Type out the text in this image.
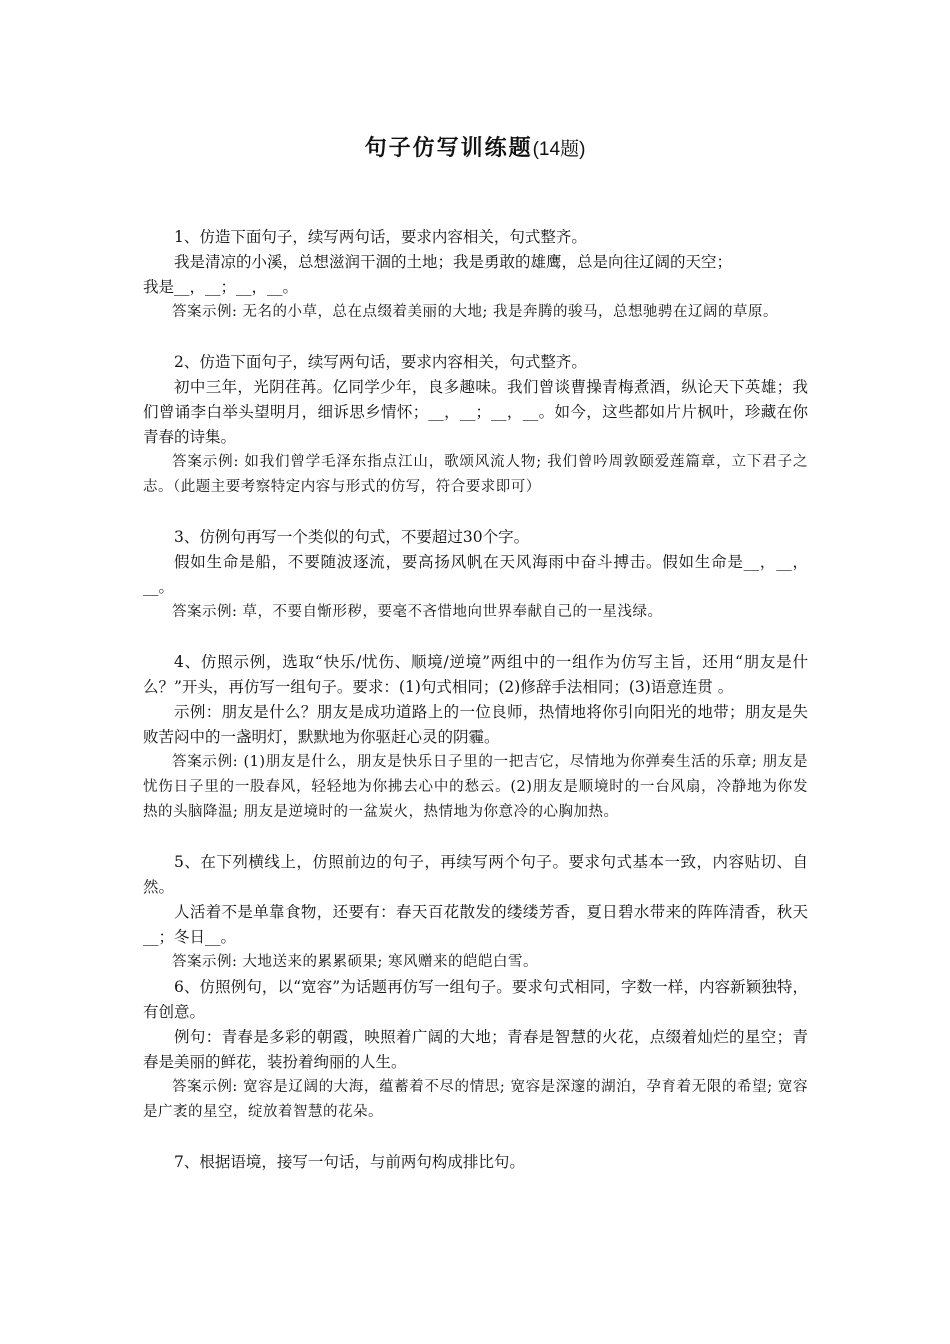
句子仿写训练题(14题)

1、仿造下面句子，续写两句话，要求内容相关，句式整齐。

我是清凉的小溪，总想滋润干涸的土地；我是勇敢的雄鹰，总是向往辽阔的天空；

我是__，__；__，__。

答案示例: 无名的小草，总在点缀着美丽的大地; 我是奔腾的骏马，总想驰骋在辽阔的草原。

2、仿造下面句子，续写两句话，要求内容相关，句式整齐。

初中三年，光阴荏苒。亿同学少年，良多趣味。我们曾谈曹操青梅煮酒，纵论天下英雄；我们曾诵李白举头望明月，细诉思乡情怀；__，__；__，__。如今，这些都如片片枫叶，珍藏在你青春的诗集。

答案示例: 如我们曾学毛泽东指点江山，歌颂风流人物; 我们曾吟周敦颐爱莲篇章，立下君子之志。（此题主要考察特定内容与形式的仿写，符合要求即可）

3、仿例句再写一个类似的句式，不要超过30个字。

假如生命是船，不要随波逐流，要高扬风帆在天风海雨中奋斗搏击。假如生命是__，__，__。

答案示例: 草，不要自惭形秽，要毫不吝惜地向世界奉献自己的一星浅绿。

4、仿照示例，选取“快乐/忧伤、顺境/逆境”两组中的一组作为仿写主旨，还用“朋友是什么？”开头，再仿写一组句子。要求：(1)句式相同；(2)修辞手法相同；(3)语意连贯 。

示例：朋友是什么？朋友是成功道路上的一位良师，热情地将你引向阳光的地带；朋友是失败苦闷中的一盏明灯，默默地为你驱赶心灵的阴霾。

答案示例: (1)朋友是什么，朋友是快乐日子里的一把吉它，尽情地为你弹奏生活的乐章; 朋友是忧伤日子里的一股春风，轻轻地为你拂去心中的愁云。(2)朋友是顺境时的一台风扇，冷静地为你发热的头脑降温; 朋友是逆境时的一盆炭火，热情地为你意冷的心胸加热。

5、在下列横线上，仿照前边的句子，再续写两个句子。要求句式基本一致，内容贴切、自然。

人活着不是单靠食物，还要有：春天百花散发的缕缕芳香，夏日碧水带来的阵阵清香，秋天__；冬日__。

答案示例: 大地送来的累累硕果; 寒风赠来的皑皑白雪。

6、仿照例句，以“宽容”为话题再仿写一组句子。要求句式相同，字数一样，内容新颖独特，有创意。

例句：青春是多彩的朝霞，映照着广阔的大地；青春是智慧的火花，点缀着灿烂的星空；青春是美丽的鲜花，装扮着绚丽的人生。

答案示例: 宽容是辽阔的大海，蕴蓄着不尽的情思; 宽容是深邃的湖泊，孕育着无限的希望; 宽容是广袤的星空，绽放着智慧的花朵。

7、根据语境，接写一句话，与前两句构成排比句。
